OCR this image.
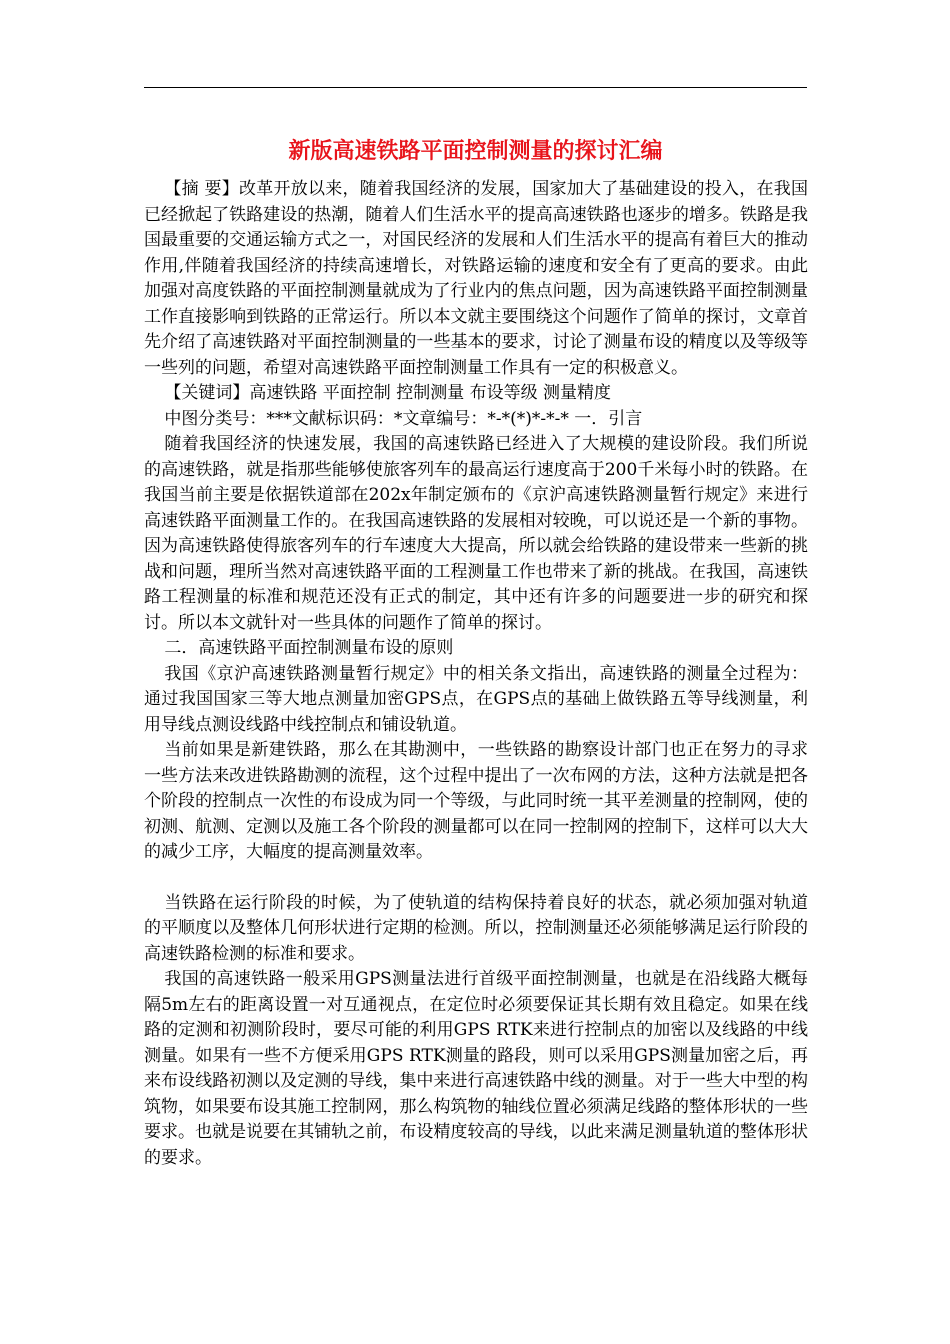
新版高速铁路平面控制测量的探讨汇编

【摘 要】改革开放以来，随着我国经济的发展，国家加大了基础建设的投入，在我国已经掀起了铁路建设的热潮，随着人们生活水平的提高高速铁路也逐步的增多。铁路是我国最重要的交通运输方式之一，对国民经济的发展和人们生活水平的提高有着巨大的推动作用,伴随着我国经济的持续高速增长，对铁路运输的速度和安全有了更高的要求。由此加强对高度铁路的平面控制测量就成为了行业内的焦点问题，因为高速铁路平面控制测量工作直接影响到铁路的正常运行。所以本文就主要围绕这个问题作了简单的探讨，文章首先介绍了高速铁路对平面控制测量的一些基本的要求，讨论了测量布设的精度以及等级等一些列的问题，希望对高速铁路平面控制测量工作具有一定的积极意义。

【关键词】高速铁路 平面控制 控制测量 布设等级 测量精度

中图分类号：***文献标识码：*文章编号：*-*(*)*-*-* 一．引言

随着我国经济的快速发展，我国的高速铁路已经进入了大规模的建设阶段。我们所说的高速铁路，就是指那些能够使旅客列车的最高运行速度高于200千米每小时的铁路。在我国当前主要是依据铁道部在202x年制定颁布的《京沪高速铁路测量暂行规定》来进行高速铁路平面测量工作的。在我国高速铁路的发展相对较晚，可以说还是一个新的事物。因为高速铁路使得旅客列车的行车速度大大提高，所以就会给铁路的建设带来一些新的挑战和问题，理所当然对高速铁路平面的工程测量工作也带来了新的挑战。在我国，高速铁路工程测量的标准和规范还没有正式的制定，其中还有许多的问题要进一步的研究和探讨。所以本文就针对一些具体的问题作了简单的探讨。

二．高速铁路平面控制测量布设的原则

我国《京沪高速铁路测量暂行规定》中的相关条文指出，高速铁路的测量全过程为：通过我国国家三等大地点测量加密GPS点，在GPS点的基础上做铁路五等导线测量，利用导线点测设线路中线控制点和铺设轨道。

当前如果是新建铁路，那么在其勘测中，一些铁路的勘察设计部门也正在努力的寻求一些方法来改进铁路勘测的流程，这个过程中提出了一次布网的方法，这种方法就是把各个阶段的控制点一次性的布设成为同一个等级，与此同时统一其平差测量的控制网，使的初测、航测、定测以及施工各个阶段的测量都可以在同一控制网的控制下，这样可以大大的减少工序，大幅度的提高测量效率。

当铁路在运行阶段的时候，为了使轨道的结构保持着良好的状态，就必须加强对轨道的平顺度以及整体几何形状进行定期的检测。所以，控制测量还必须能够满足运行阶段的高速铁路检测的标准和要求。

我国的高速铁路一般采用GPS测量法进行首级平面控制测量，也就是在沿线路大概每隔5m左右的距离设置一对互通视点，在定位时必须要保证其长期有效且稳定。如果在线路的定测和初测阶段时，要尽可能的利用GPS RTK来进行控制点的加密以及线路的中线测量。如果有一些不方便采用GPS RTK测量的路段，则可以采用GPS测量加密之后，再来布设线路初测以及定测的导线，集中来进行高速铁路中线的测量。对于一些大中型的构筑物，如果要布设其施工控制网，那么构筑物的轴线位置必须满足线路的整体形状的一些要求。也就是说要在其铺轨之前，布设精度较高的导线，以此来满足测量轨道的整体形状的要求。
